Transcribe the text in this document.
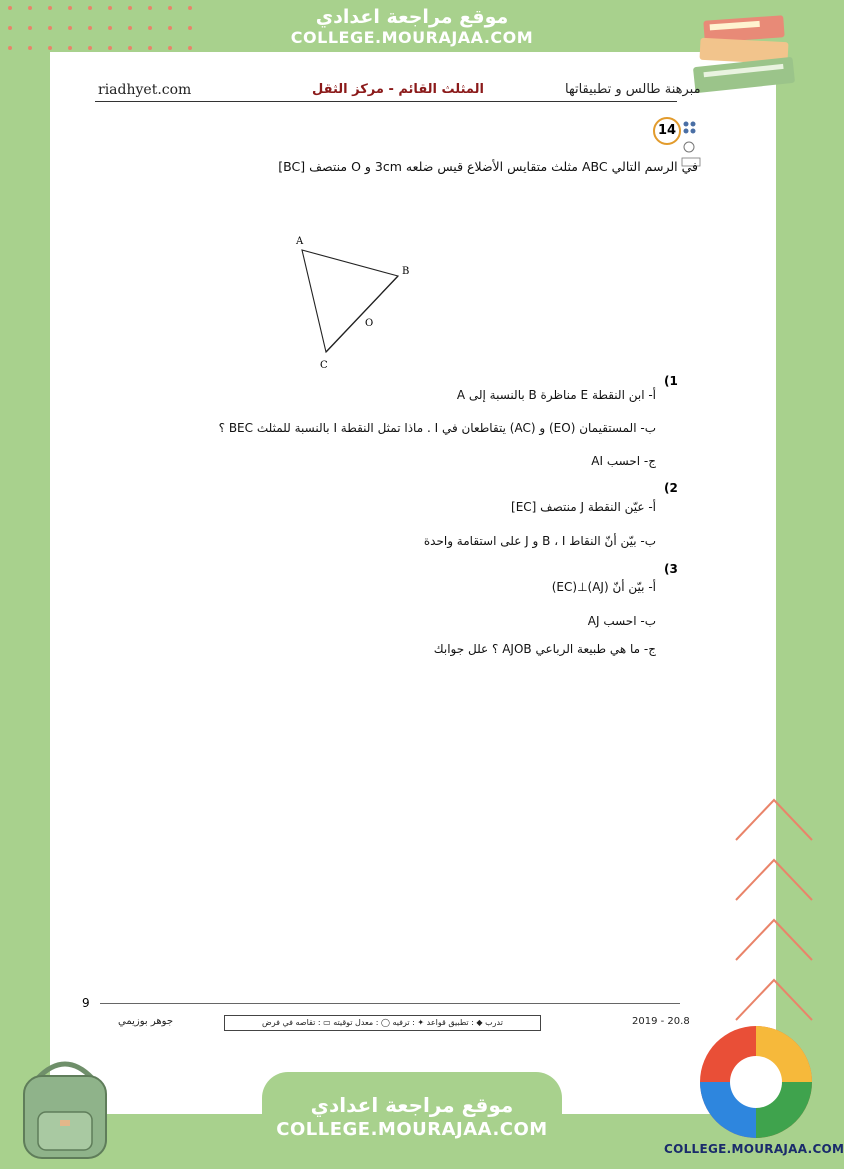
موقع مراجعة اعدادي
COLLEGE.MOURAJAA.COM
riadhyet.com	المثلث القائم - مركز الثقل	مبرهنة طالس و تطبيقاتها
14
في الرسم التالي ABC مثلث متقايس الأضلاع قيس ضلعه 3cm و O منتصف [BC]
A
B
C
O
(1
أ- ابن النقطة E مناظرة B بالنسبة إلى A
ب- المستقيمان (EO) و (AC) يتقاطعان في I . ماذا تمثل النقطة I بالنسبة للمثلث BEC ؟
ج- احسب AI
(2
أ- عيّن النقطة J منتصف [EC]
ب- بيّن أنّ النقاط B ، I و J على استقامة واحدة
(3
أ- بيّن أنّ (AJ)⊥(EC)
ب- احسب AJ
ج- ما هي طبيعة الرباعي AJOB ؟ علل جوابك
9
جوهر بوزيمي	تدرب ◆ : تطبيق قواعد ✦ : ترفيه ◯ : معدل توقيته ▭ : تقاصه في فرض	2019 - 20.8
موقع مراجعة اعدادي
COLLEGE.MOURAJAA.COM
COLLEGE.MOURAJAA.COM
